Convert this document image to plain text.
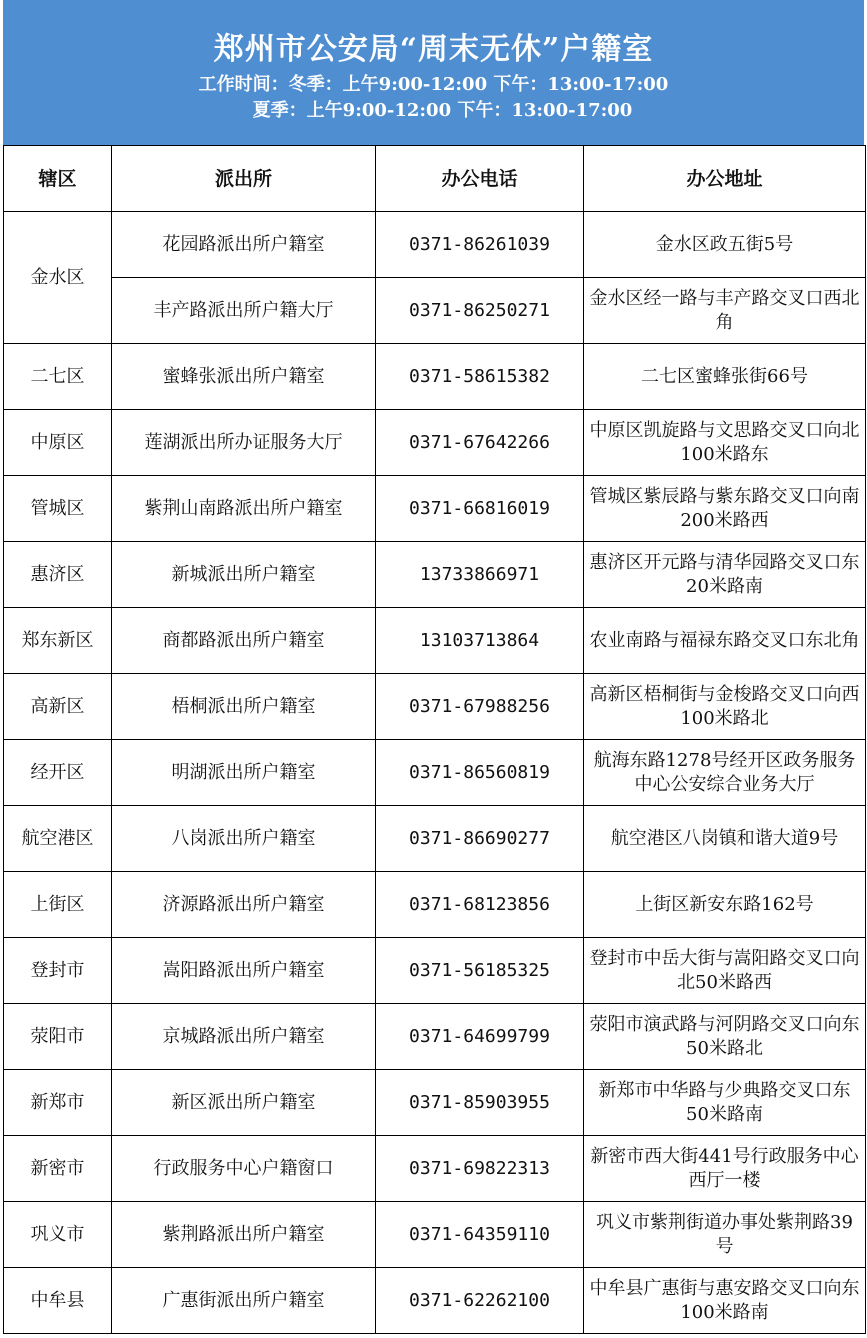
郑州市公安局“周末无休”户籍室
工作时间：冬季：上午9:00-12:00 下午：13:00-17:00
夏季：上午9:00-12:00 下午：13:00-17:00
辖区	派出所	办公电话	办公地址
金水区	花园路派出所户籍室	0371-86261039	金水区政五街5号
	丰产路派出所户籍大厅	0371-86250271	金水区经一路与丰产路交叉口西北角
二七区	蜜蜂张派出所户籍室	0371-58615382	二七区蜜蜂张街66号
中原区	莲湖派出所办证服务大厅	0371-67642266	中原区凯旋路与文思路交叉口向北100米路东
管城区	紫荆山南路派出所户籍室	0371-66816019	管城区紫辰路与紫东路交叉口向南200米路西
惠济区	新城派出所户籍室	13733866971	惠济区开元路与清华园路交叉口东20米路南
郑东新区	商都路派出所户籍室	13103713864	农业南路与福禄东路交叉口东北角
高新区	梧桐派出所户籍室	0371-67988256	高新区梧桐街与金梭路交叉口向西100米路北
经开区	明湖派出所户籍室	0371-86560819	航海东路1278号经开区政务服务中心公安综合业务大厅
航空港区	八岗派出所户籍室	0371-86690277	航空港区八岗镇和谐大道9号
上街区	济源路派出所户籍室	0371-68123856	上街区新安东路162号
登封市	嵩阳路派出所户籍室	0371-56185325	登封市中岳大街与嵩阳路交叉口向北50米路西
荥阳市	京城路派出所户籍室	0371-64699799	荥阳市演武路与河阴路交叉口向东50米路北
新郑市	新区派出所户籍室	0371-85903955	新郑市中华路与少典路交叉口东50米路南
新密市	行政服务中心户籍窗口	0371-69822313	新密市西大街441号行政服务中心西厅一楼
巩义市	紫荆路派出所户籍室	0371-64359110	巩义市紫荆街道办事处紫荆路39号
中牟县	广惠街派出所户籍室	0371-62262100	中牟县广惠街与惠安路交叉口向东100米路南
